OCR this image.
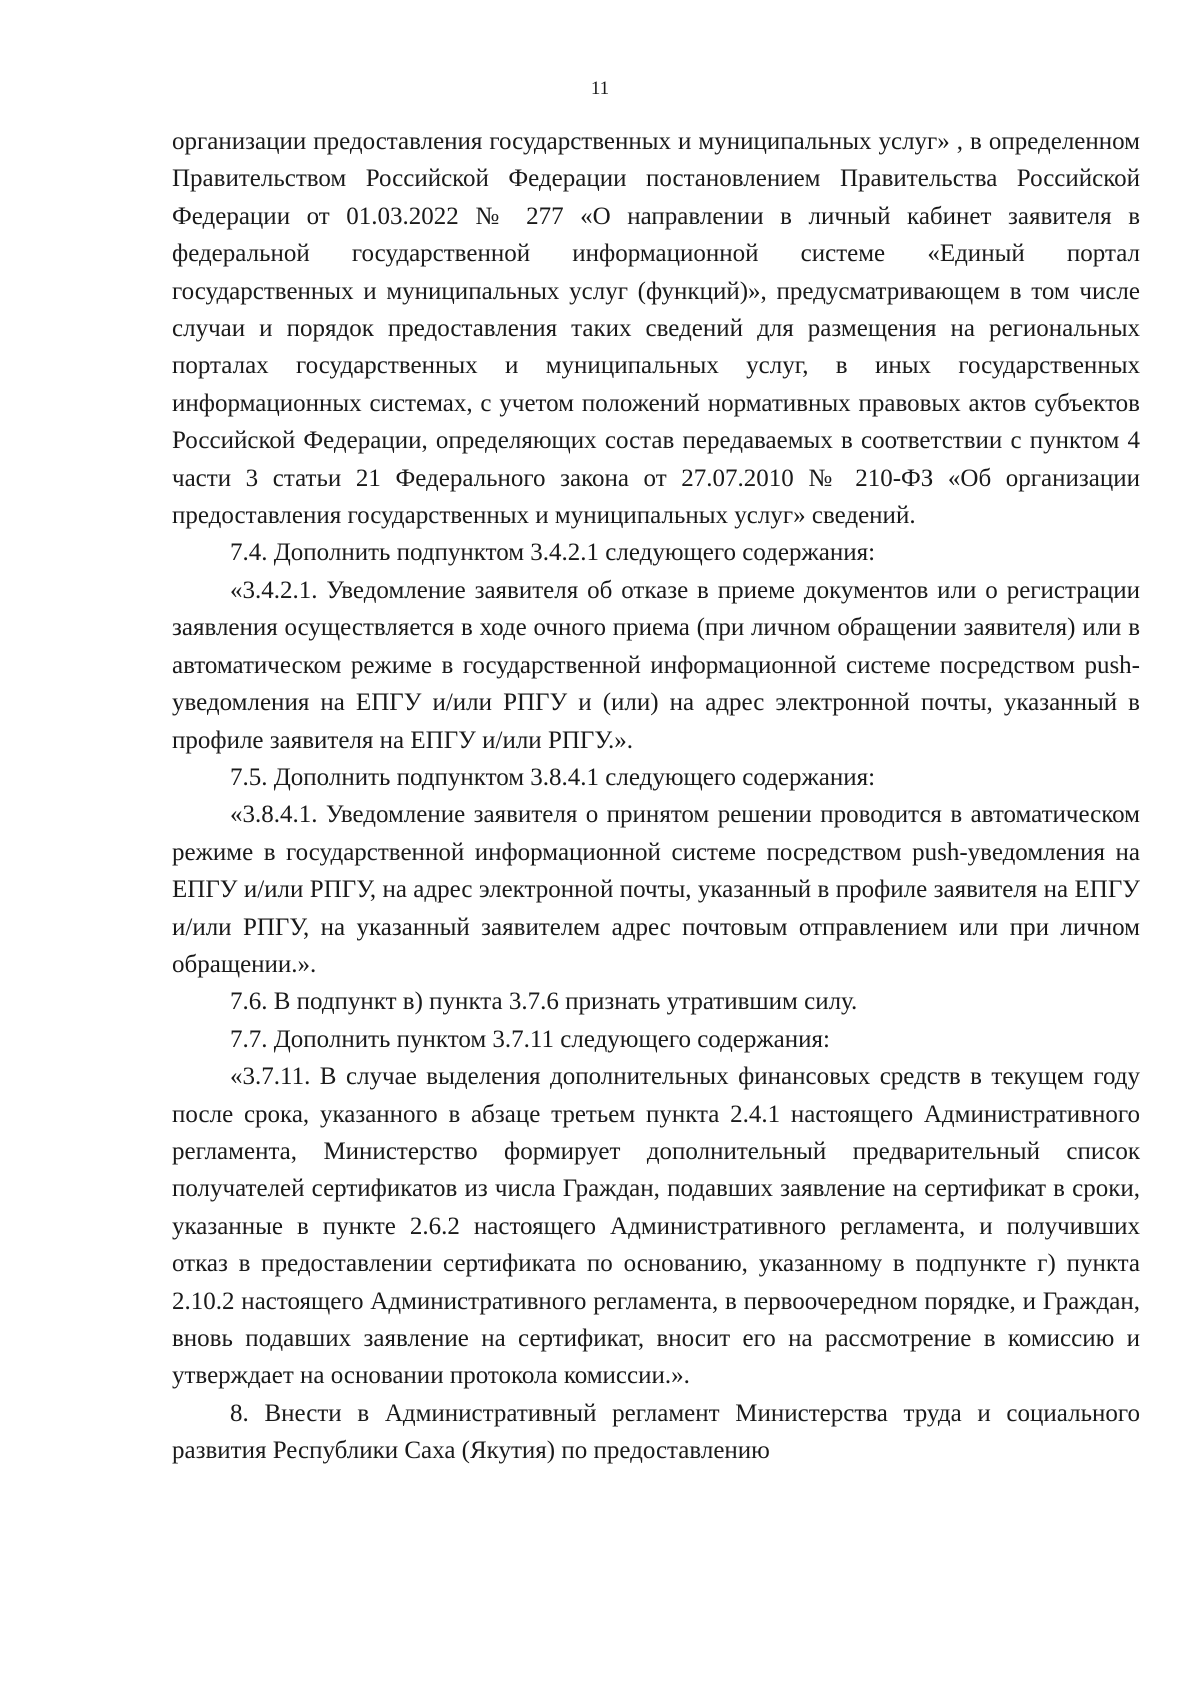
11

организации предоставления государственных и муниципальных услуг» , в определенном Правительством Российской Федерации постановлением Правительства Российской Федерации от 01.03.2022 № 277 «О направлении в личный кабинет заявителя в федеральной государственной информационной системе «Единый портал государственных и муниципальных услуг (функций)», предусматривающем в том числе случаи и порядок предоставления таких сведений для размещения на региональных порталах государственных и муниципальных услуг, в иных государственных информационных системах, с учетом положений нормативных правовых актов субъектов Российской Федерации, определяющих состав передаваемых в соответствии с пунктом 4 части 3 статьи 21 Федерального закона от 27.07.2010 № 210-ФЗ «Об организации предоставления государственных и муниципальных услуг» сведений.

7.4. Дополнить подпунктом 3.4.2.1 следующего содержания:

«3.4.2.1. Уведомление заявителя об отказе в приеме документов или о регистрации заявления осуществляется в ходе очного приема (при личном обращении заявителя) или в автоматическом режиме в государственной информационной системе посредством push-уведомления на ЕПГУ и/или РПГУ и (или) на адрес электронной почты, указанный в профиле заявителя на ЕПГУ и/или РПГУ.».

7.5. Дополнить подпунктом 3.8.4.1 следующего содержания:

«3.8.4.1. Уведомление заявителя о принятом решении проводится в автоматическом режиме в государственной информационной системе посредством push-уведомления на ЕПГУ и/или РПГУ, на адрес электронной почты, указанный в профиле заявителя на ЕПГУ и/или РПГУ, на указанный заявителем адрес почтовым отправлением или при личном обращении.».

7.6. В подпункт в) пункта 3.7.6 признать утратившим силу.

7.7. Дополнить пунктом 3.7.11 следующего содержания:

«3.7.11. В случае выделения дополнительных финансовых средств в текущем году после срока, указанного в абзаце третьем пункта 2.4.1 настоящего Административного регламента, Министерство формирует дополнительный предварительный список получателей сертификатов из числа Граждан, подавших заявление на сертификат в сроки, указанные в пункте 2.6.2 настоящего Административного регламента, и получивших отказ в предоставлении сертификата по основанию, указанному в подпункте г) пункта 2.10.2 настоящего Административного регламента, в первоочередном порядке, и Граждан, вновь подавших заявление на сертификат, вносит его на рассмотрение в комиссию и утверждает на основании протокола комиссии.».

8. Внести в Административный регламент Министерства труда и социального развития Республики Саха (Якутия) по предоставлению
